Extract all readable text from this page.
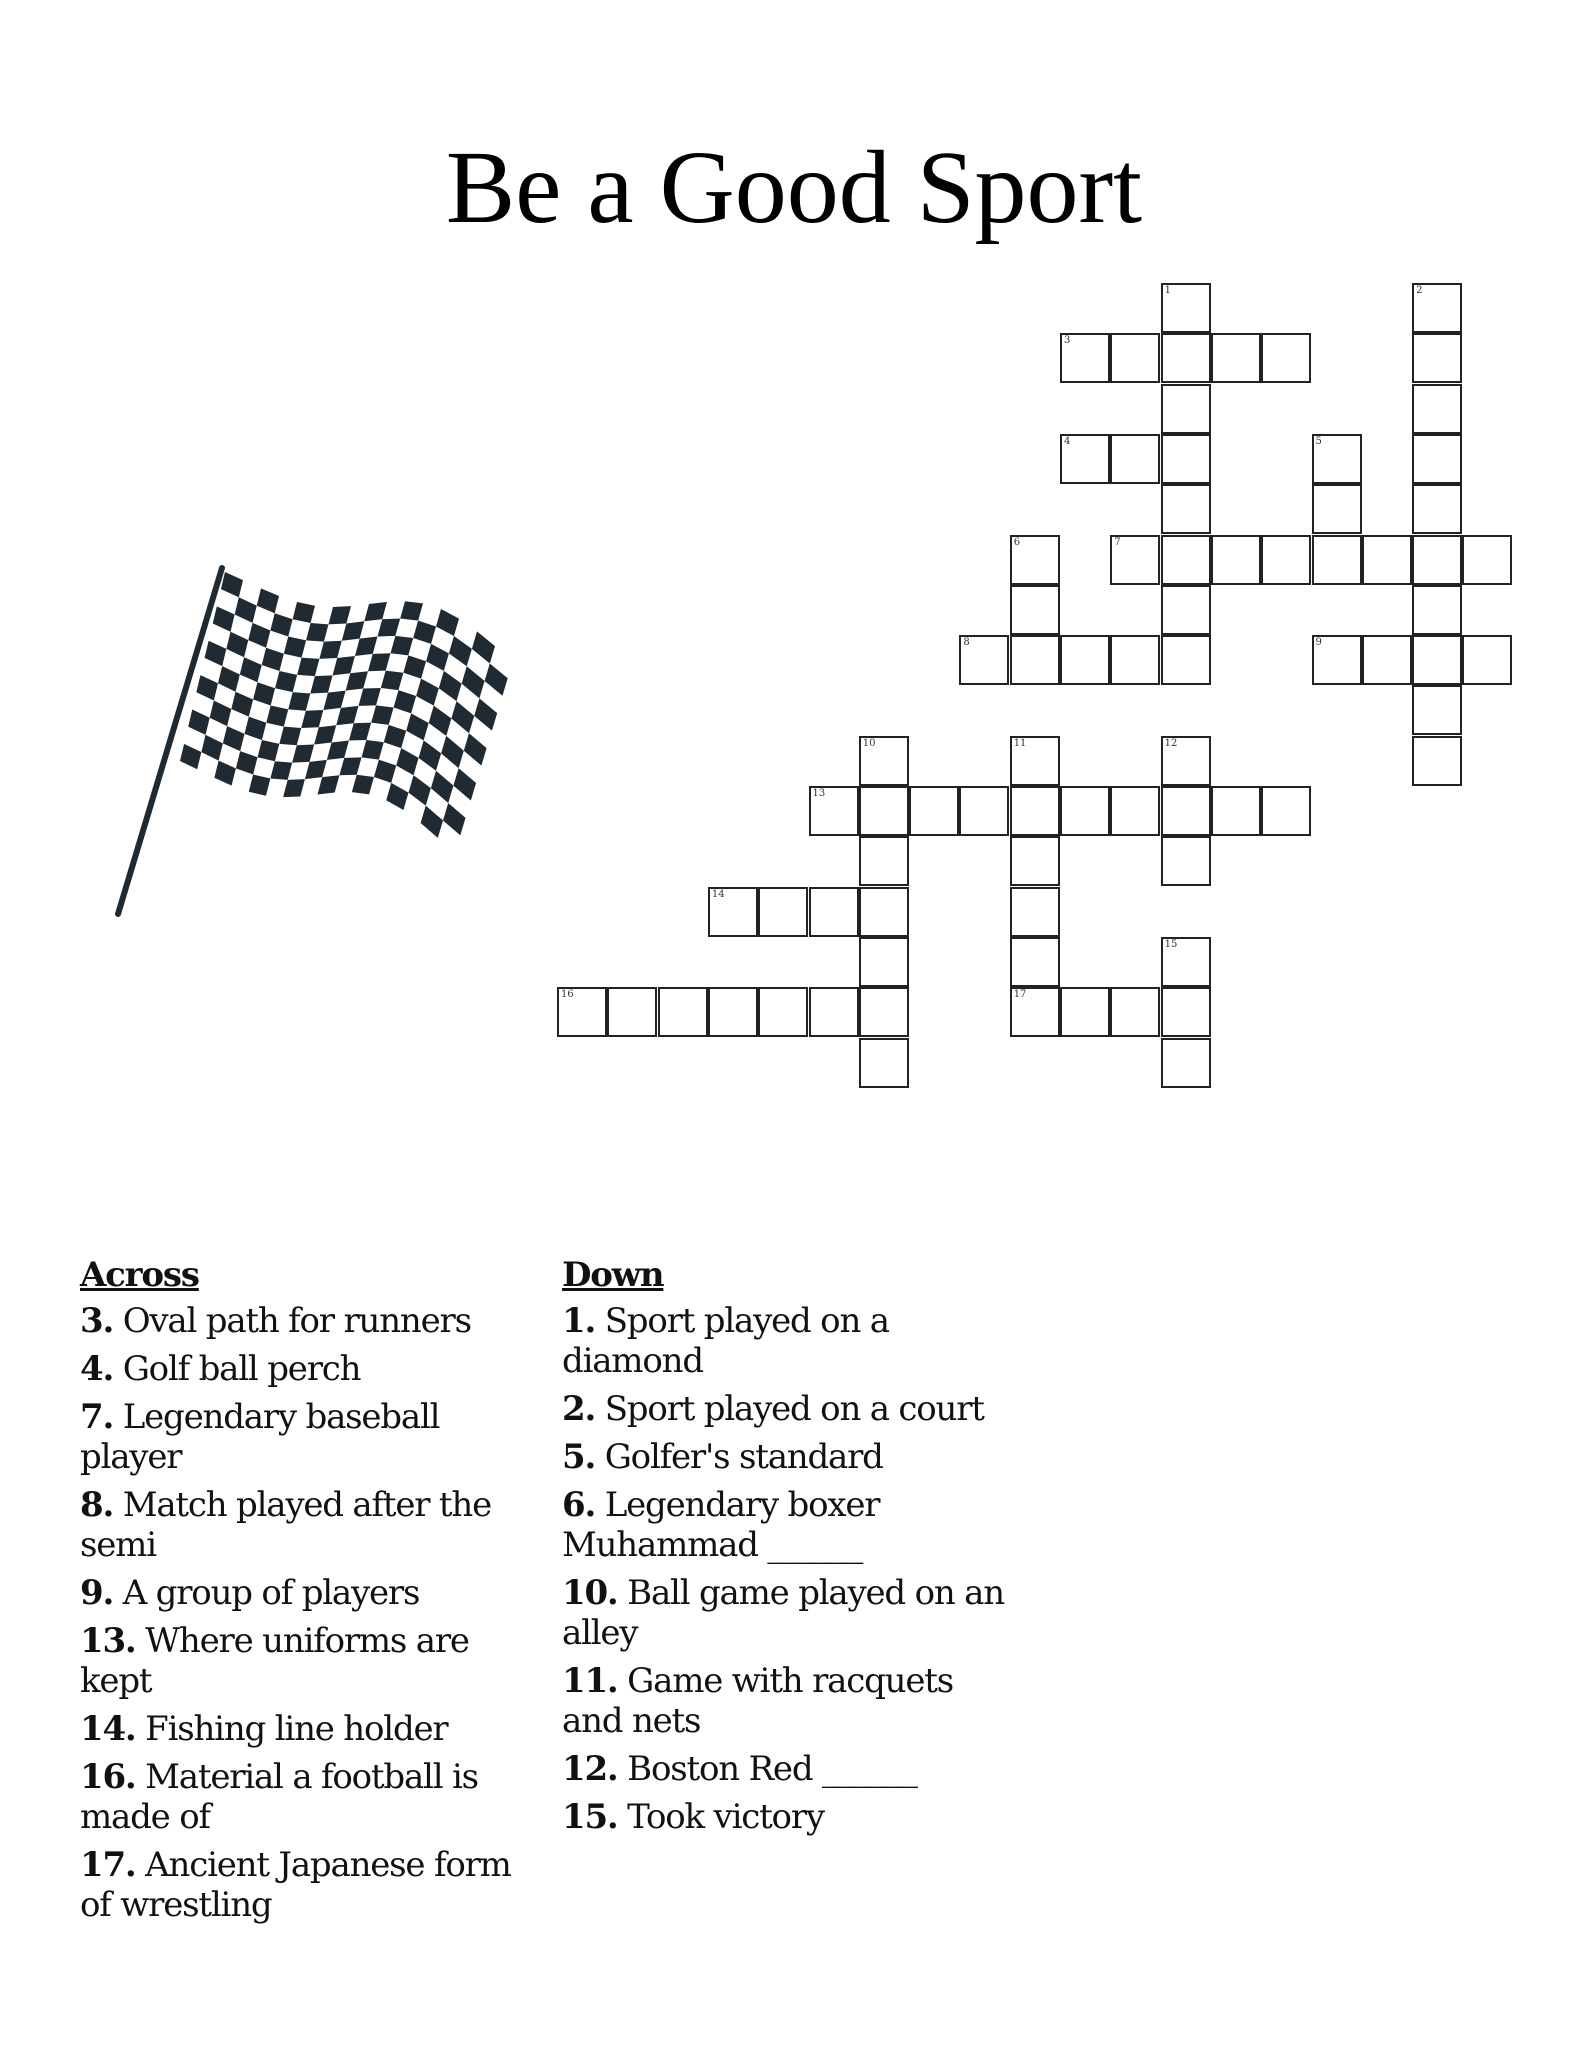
Be a Good Sport
1	2
3
4	5
6	7
8	9
10	11
17
12
13
14
15
16
Across
3. Oval path for runners
4. Golf ball perch
7. Legendary baseball player
8. Match played after the semi
9. A group of players
13. Where uniforms are kept
14. Fishing line holder
16. Material a football is made of
17. Ancient Japanese form of wrestling
Down
1. Sport played on a diamond
2. Sport played on a court
5. Golfer's standard
6. Legendary boxer Muhammad ______
10. Ball game played on an alley
11. Game with racquets and nets
12. Boston Red ______
15. Took victory
